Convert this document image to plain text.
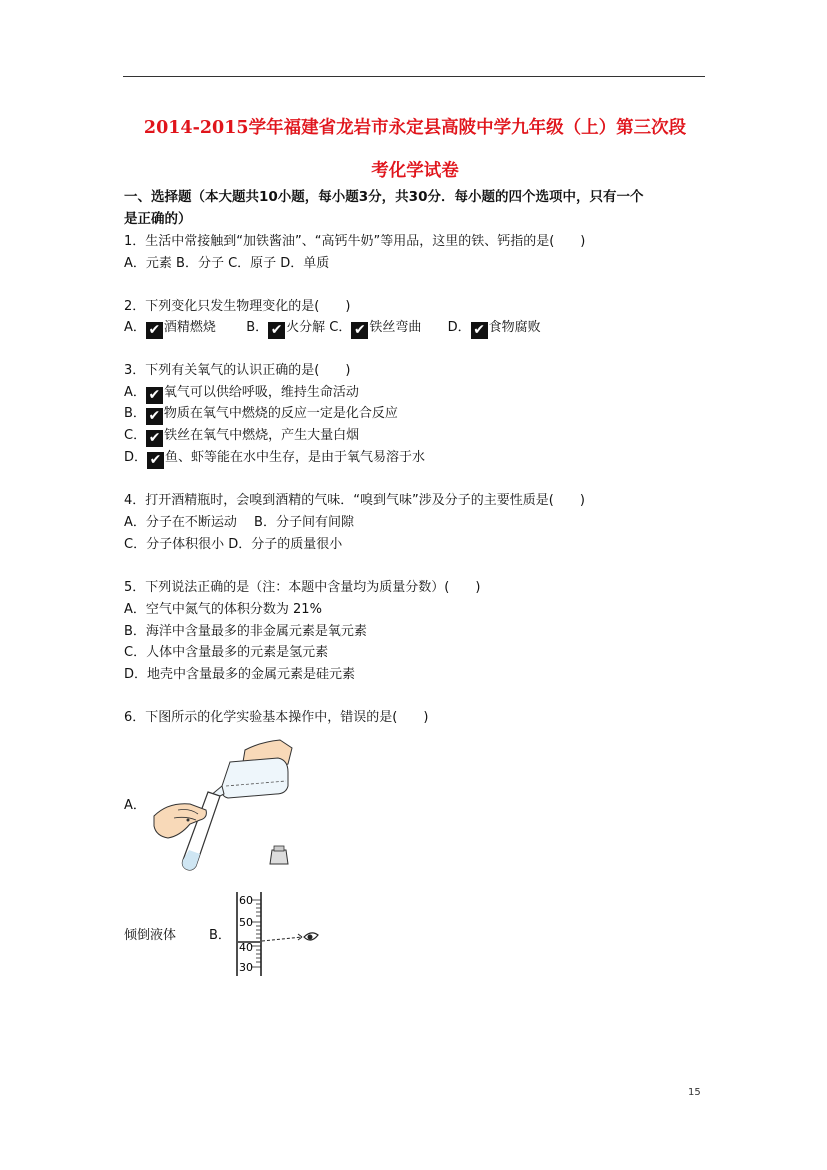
2014-2015学年福建省龙岩市永定县高陂中学九年级（上）第三次段
考化学试卷
一、选择题（本大题共10小题，每小题3分，共30分．每小题的四个选项中，只有一个
是正确的）
1．生活中常接触到“加铁酱油”、“高钙牛奶”等用品，这里的铁、钙指的是(　　)
A．元素 B．分子 C．原子 D．单质
2．下列变化只发生物理变化的是(　　)
A． ✔ 酒精燃烧 B． ✔ 火分解 C． ✔ 铁丝弯曲 D． ✔ 食物腐败
3．下列有关氧气的认识正确的是(　　)
A． ✔ 氧气可以供给呼吸，维持生命活动
B． ✔ 物质在氧气中燃烧的反应一定是化合反应
C． ✔ 铁丝在氧气中燃烧，产生大量白烟
D． ✔ 鱼、虾等能在水中生存，是由于氧气易溶于水
4．打开酒精瓶时，会嗅到酒精的气味．“嗅到气味”涉及分子的主要性质是(　　)
A．分子在不断运动　 B．分子间有间隙
C．分子体积很小 D．分子的质量很小
5．下列说法正确的是（注：本题中含量均为质量分数）(　　)
A．空气中氮气的体积分数为 21%
B．海洋中含量最多的非金属元素是氧元素
C．人体中含量最多的元素是氢元素
D．地壳中含量最多的金属元素是硅元素
6．下图所示的化学实验基本操作中，错误的是(　　)
A．
倾倒液体	B．
60
50
40
30
15
